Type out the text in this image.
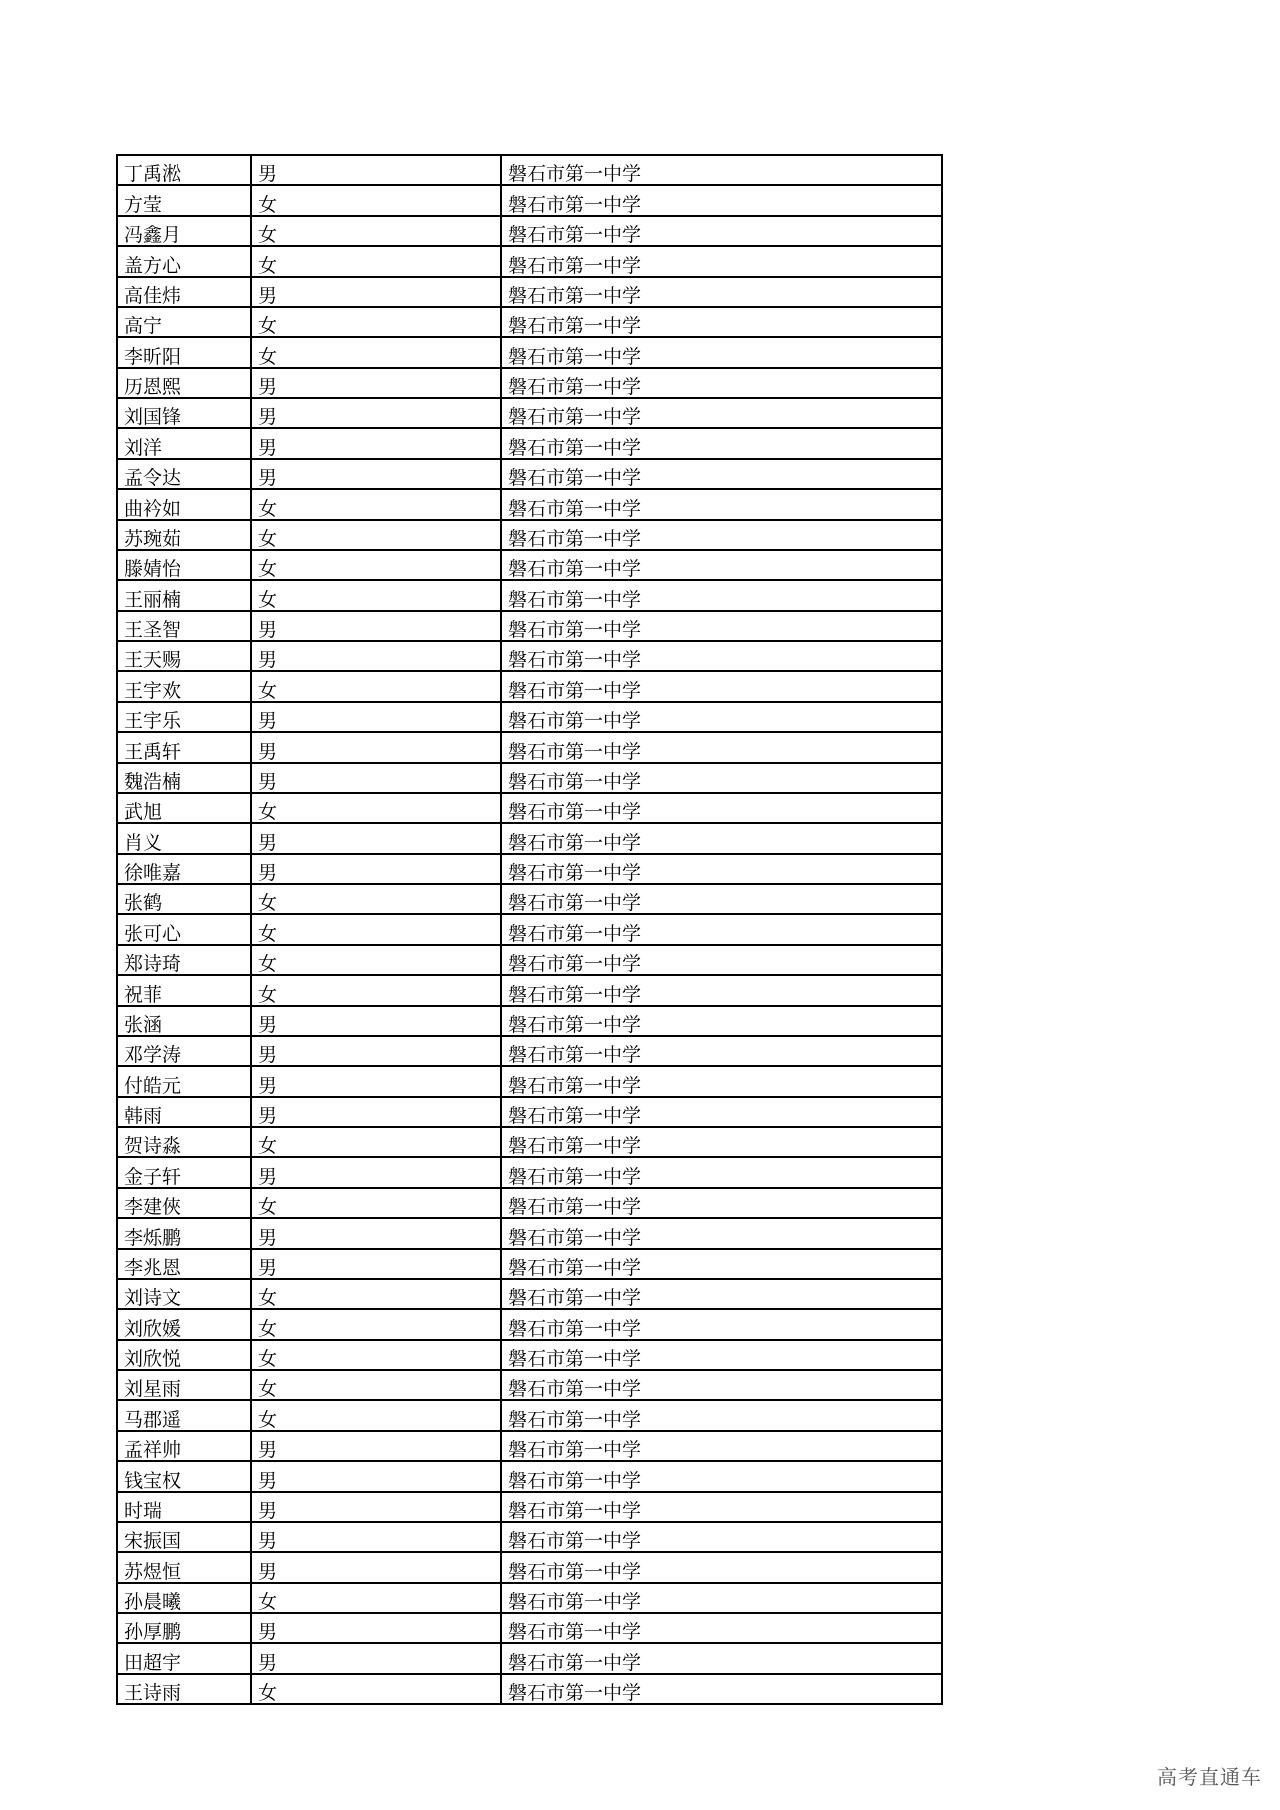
丁禹淞	男	磐石市第一中学
方莹	女	磐石市第一中学
冯鑫月	女	磐石市第一中学
盖方心	女	磐石市第一中学
高佳炜	男	磐石市第一中学
高宁	女	磐石市第一中学
李昕阳	女	磐石市第一中学
历恩熙	男	磐石市第一中学
刘国锋	男	磐石市第一中学
刘洋	男	磐石市第一中学
孟令达	男	磐石市第一中学
曲衿如	女	磐石市第一中学
苏琬茹	女	磐石市第一中学
滕婧怡	女	磐石市第一中学
王丽楠	女	磐石市第一中学
王圣智	男	磐石市第一中学
王天赐	男	磐石市第一中学
王宇欢	女	磐石市第一中学
王宇乐	男	磐石市第一中学
王禹轩	男	磐石市第一中学
魏浩楠	男	磐石市第一中学
武旭	女	磐石市第一中学
肖义	男	磐石市第一中学
徐唯嘉	男	磐石市第一中学
张鹤	女	磐石市第一中学
张可心	女	磐石市第一中学
郑诗琦	女	磐石市第一中学
祝菲	女	磐石市第一中学
张涵	男	磐石市第一中学
邓学涛	男	磐石市第一中学
付皓元	男	磐石市第一中学
韩雨	男	磐石市第一中学
贺诗淼	女	磐石市第一中学
金子轩	男	磐石市第一中学
李建俠	女	磐石市第一中学
李烁鹏	男	磐石市第一中学
李兆恩	男	磐石市第一中学
刘诗文	女	磐石市第一中学
刘欣媛	女	磐石市第一中学
刘欣悦	女	磐石市第一中学
刘星雨	女	磐石市第一中学
马郡遥	女	磐石市第一中学
孟祥帅	男	磐石市第一中学
钱宝权	男	磐石市第一中学
时瑞	男	磐石市第一中学
宋振国	男	磐石市第一中学
苏煜恒	男	磐石市第一中学
孙晨曦	女	磐石市第一中学
孙厚鹏	男	磐石市第一中学
田超宇	男	磐石市第一中学
王诗雨	女	磐石市第一中学
高考直通车
